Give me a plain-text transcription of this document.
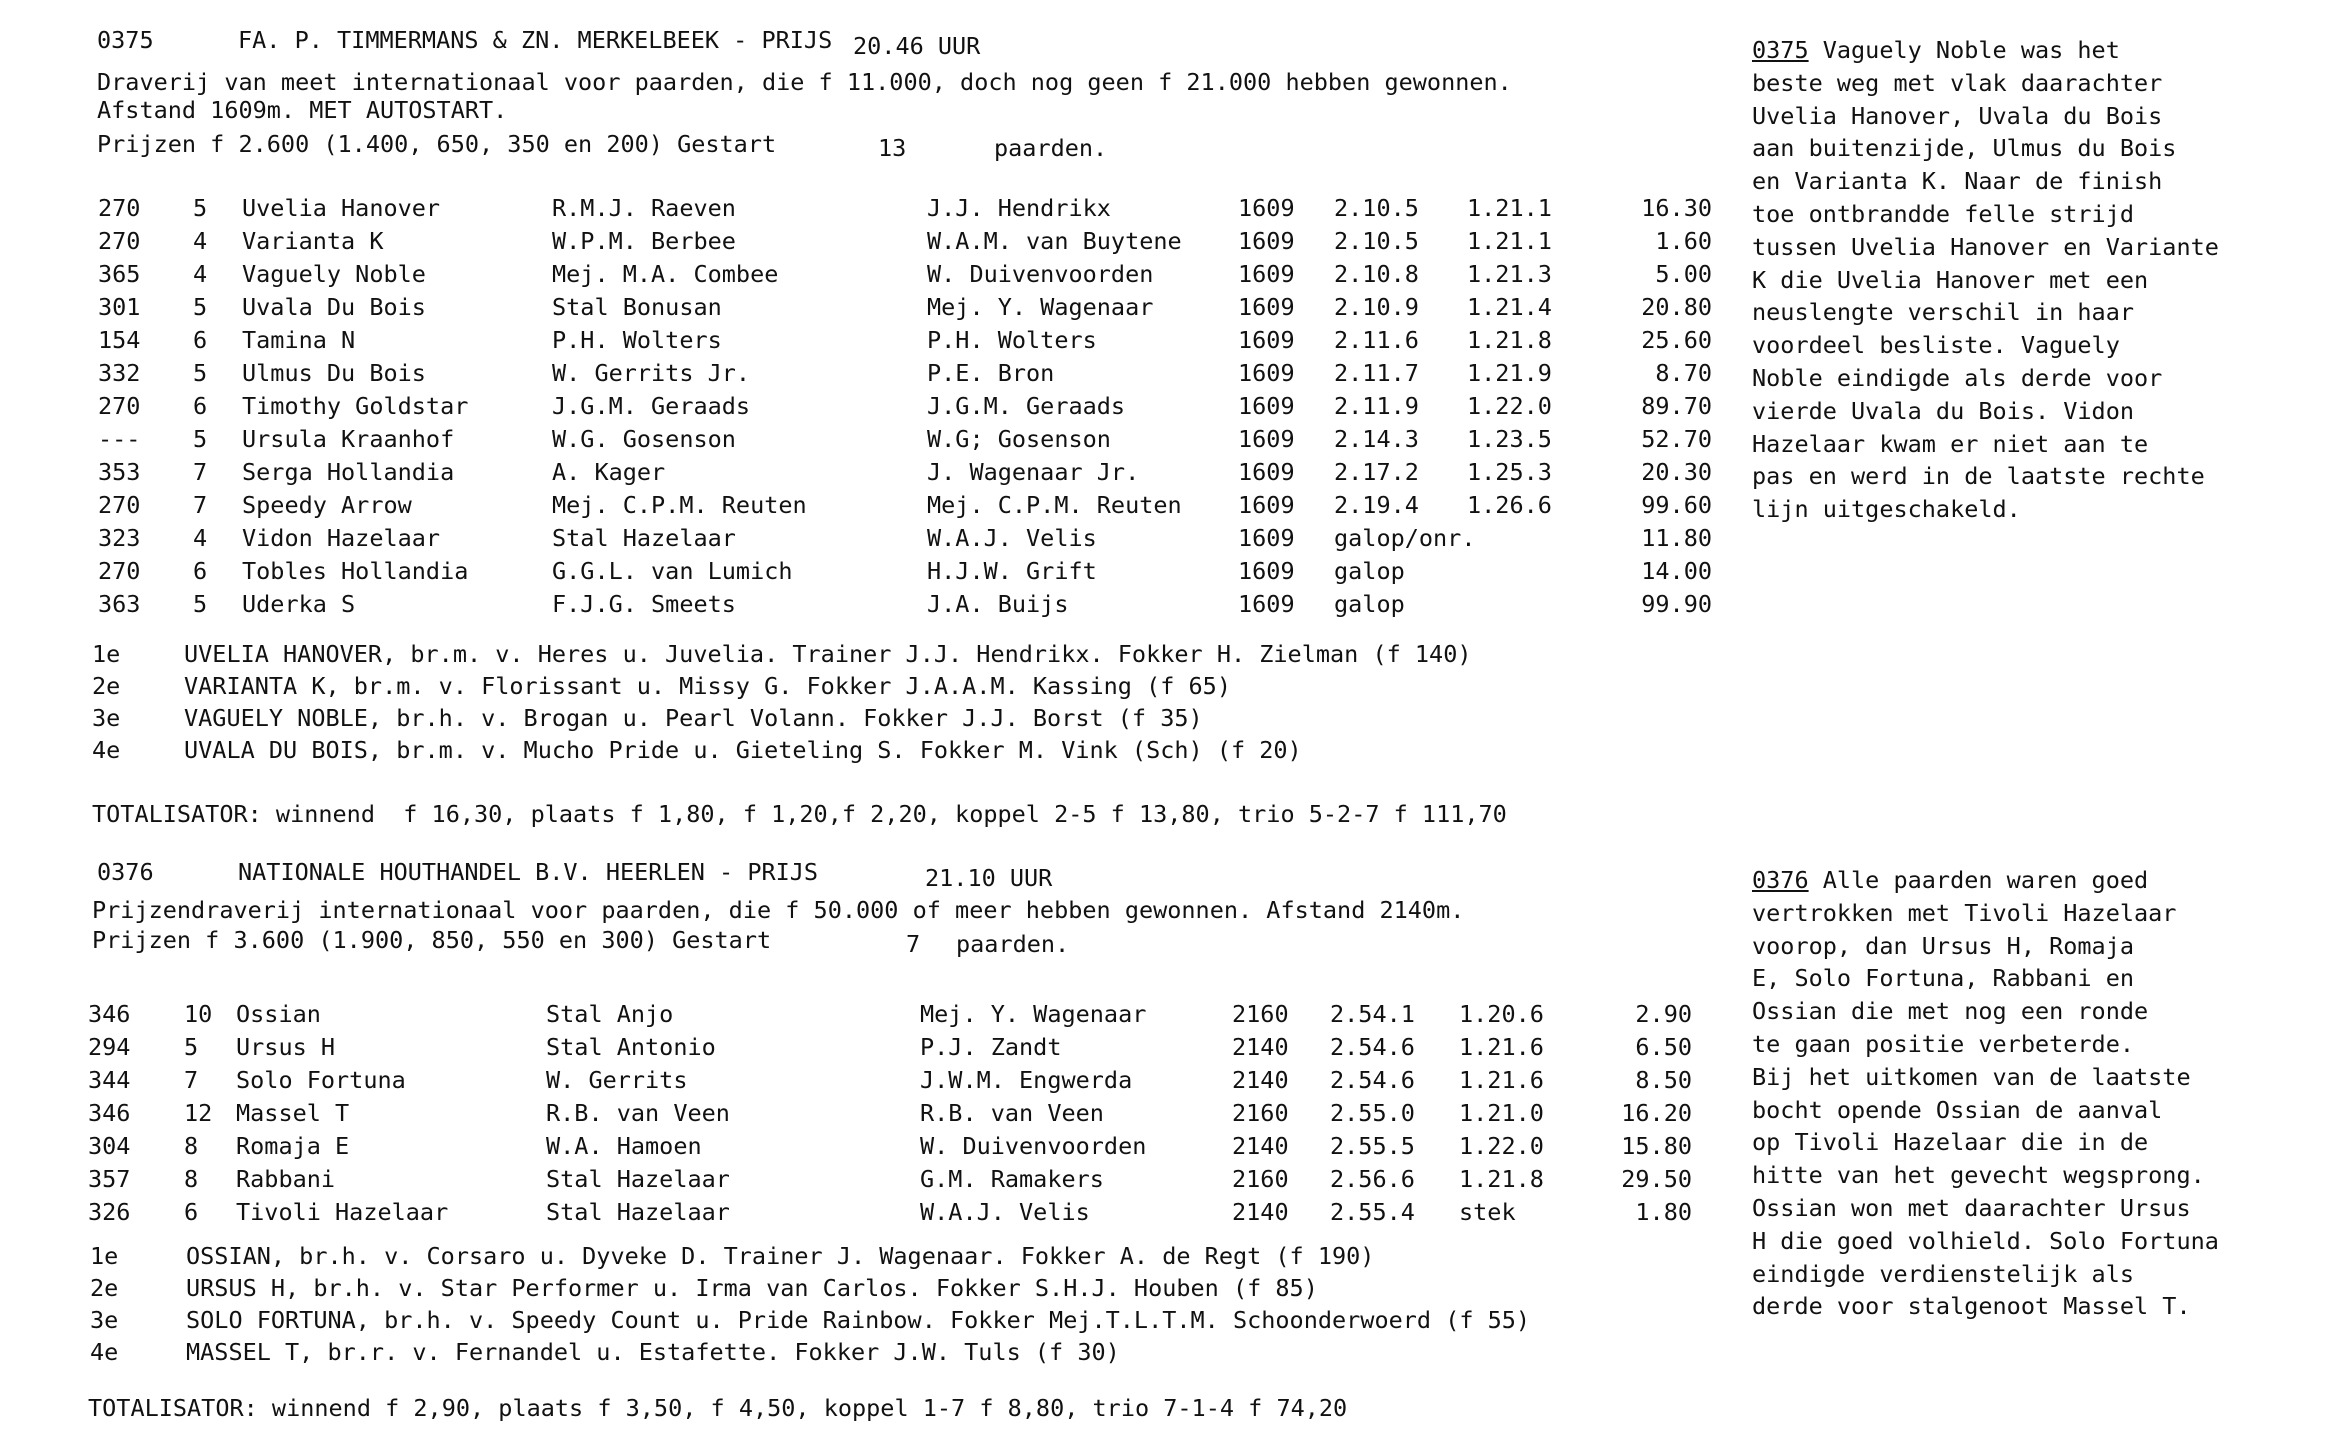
0375	FA. P. TIMMERMANS & ZN. MERKELBEEK - PRIJS 20.46 UUR
Draverij van meet internationaal voor paarden, die f 11.000, doch nog geen f 21.000 hebben gewonnen.
Afstand 1609m. MET AUTOSTART.
Prijzen f 2.600 (1.400, 650, 350 en 200) Gestart	13	paarden.
270 5 Uvelia Hanover	R.M.J. Raeven	J.J. Hendrikx	1609 2.10.5 1.21.1	16.30
270 4 Varianta K	W.P.M. Berbee	W.A.M. van Buytene 1609 2.10.5 1.21.1	1.60
365 4 Vaguely Noble	Mej. M.A. Combee	W. Duivenvoorden	1609 2.10.8 1.21.3	5.00
301 5 Uvala Du Bois	Stal Bonusan	Mej. Y. Wagenaar	1609 2.10.9 1.21.4	20.80
154 6 Tamina N	P.H. Wolters	P.H. Wolters	1609 2.11.6 1.21.8	25.60
332 5 Ulmus Du Bois	W. Gerrits Jr.	P.E. Bron	1609 2.11.7 1.21.9	8.70
270 6 Timothy Goldstar	J.G.M. Geraads	J.G.M. Geraads	1609 2.11.9 1.22.0	89.70
--- 5 Ursula Kraanhof	W.G. Gosenson	W.G; Gosenson	1609 2.14.3 1.23.5	52.70
353 7 Serga Hollandia	A. Kager	J. Wagenaar Jr.	1609 2.17.2 1.25.3	20.30
270 7 Speedy Arrow	Mej. C.P.M. Reuten	Mej. C.P.M. Reuten 1609 2.19.4 1.26.6	99.60
323 4 Vidon Hazelaar	Stal Hazelaar	W.A.J. Velis	1609 galop/onr.	11.80
270 6 Tobles Hollandia	G.G.L. van Lumich	H.J.W. Grift	1609 galop	14.00
363 5 Uderka S	F.J.G. Smeets	J.A. Buijs	1609 galop	99.90
1e	UVELIA HANOVER, br.m. v. Heres u. Juvelia. Trainer J.J. Hendrikx. Fokker H. Zielman (f 140)
2e	VARIANTA K, br.m. v. Florissant u. Missy G. Fokker J.A.A.M. Kassing (f 65)
3e	VAGUELY NOBLE, br.h. v. Brogan u. Pearl Volann. Fokker J.J. Borst (f 35)
4e	UVALA DU BOIS, br.m. v. Mucho Pride u. Gieteling S. Fokker M. Vink (Sch) (f 20)
TOTALISATOR: winnend  f 16,30, plaats f 1,80, f 1,20,f 2,20, koppel 2-5 f 13,80, trio 5-2-7 f 111,70
0375 Vaguely Noble was het
beste weg met vlak daarachter
Uvelia Hanover, Uvala du Bois
aan buitenzijde, Ulmus du Bois
en Varianta K. Naar de finish
toe ontbrandde felle strijd
tussen Uvelia Hanover en Variante
K die Uvelia Hanover met een
neuslengte verschil in haar
voordeel besliste. Vaguely
Noble eindigde als derde voor
vierde Uvala du Bois. Vidon
Hazelaar kwam er niet aan te
pas en werd in de laatste rechte
lijn uitgeschakeld.
0376	NATIONALE HOUTHANDEL B.V. HEERLEN - PRIJS	21.10 UUR
Prijzendraverij internationaal voor paarden, die f 50.000 of meer hebben gewonnen. Afstand 2140m.
Prijzen f 3.600 (1.900, 850, 550 en 300) Gestart	7 paarden.
346 10 Ossian	Stal Anjo	Mej. Y. Wagenaar	2160 2.54.1 1.20.6	2.90
294 5 Ursus H	Stal Antonio	P.J. Zandt	2140 2.54.6 1.21.6	6.50
344 7 Solo Fortuna	W. Gerrits	J.W.M. Engwerda	2140 2.54.6 1.21.6	8.50
346 12 Massel T	R.B. van Veen	R.B. van Veen	2160 2.55.0 1.21.0	16.20
304 8 Romaja E	W.A. Hamoen	W. Duivenvoorden	2140 2.55.5 1.22.0	15.80
357 8 Rabbani	Stal Hazelaar	G.M. Ramakers	2160 2.56.6 1.21.8	29.50
326 6 Tivoli Hazelaar	Stal Hazelaar	W.A.J. Velis	2140 2.55.4 stek	1.80
1e	OSSIAN, br.h. v. Corsaro u. Dyveke D. Trainer J. Wagenaar. Fokker A. de Regt (f 190)
2e	URSUS H, br.h. v. Star Performer u. Irma van Carlos. Fokker S.H.J. Houben (f 85)
3e	SOLO FORTUNA, br.h. v. Speedy Count u. Pride Rainbow. Fokker Mej.T.L.T.M. Schoonderwoerd (f 55)
4e	MASSEL T, br.r. v. Fernandel u. Estafette. Fokker J.W. Tuls (f 30)
TOTALISATOR: winnend f 2,90, plaats f 3,50, f 4,50, koppel 1-7 f 8,80, trio 7-1-4 f 74,20
0376 Alle paarden waren goed
vertrokken met Tivoli Hazelaar
voorop, dan Ursus H, Romaja
E, Solo Fortuna, Rabbani en
Ossian die met nog een ronde
te gaan positie verbeterde.
Bij het uitkomen van de laatste
bocht opende Ossian de aanval
op Tivoli Hazelaar die in de
hitte van het gevecht wegsprong.
Ossian won met daarachter Ursus
H die goed volhield. Solo Fortuna
eindigde verdienstelijk als
derde voor stalgenoot Massel T.
